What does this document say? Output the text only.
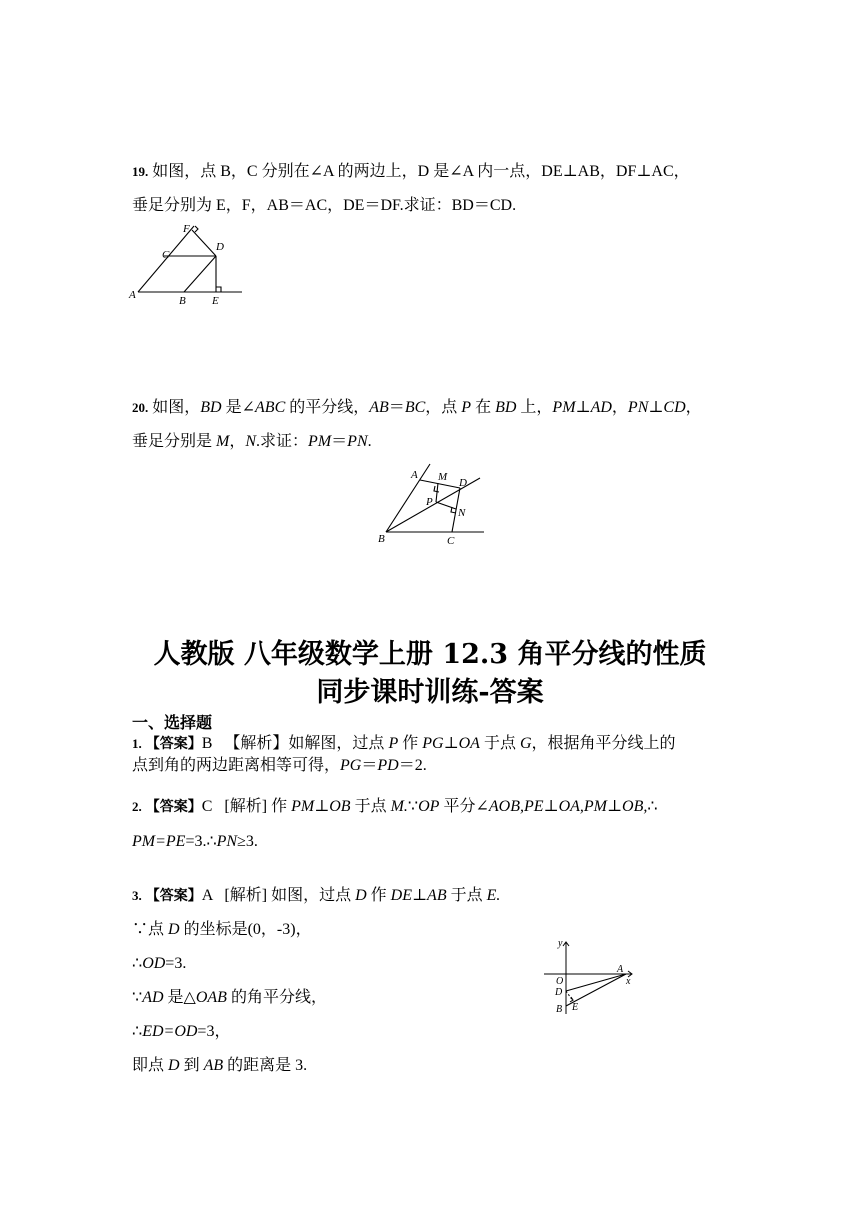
19. 如图，点 B，C 分别在∠A 的两边上，D 是∠A 内一点，DE⊥AB，DF⊥AC，
垂足分别为 E，F，AB＝AC，DE＝DF.求证：BD＝CD.
A	B E
C
D
F
20. 如图，BD 是∠ABC 的平分线，AB＝BC，点 P 在 BD 上，PM⊥AD，PN⊥CD，
垂足分别是 M，N.求证：PM＝PN.
A M D
P
N
B	C
人教版 八年级数学上册 12.3 角平分线的性质
同步课时训练-答案
一、选择题
1. 【答案】B 【解析】如解图，过点 P 作 PG⊥OA 于点 G，根据角平分线上的
点到角的两边距离相等可得，PG＝PD＝2.
2. 【答案】C [解析] 作 PM⊥OB 于点 M.∵OP 平分∠AOB,PE⊥OA,PM⊥OB,∴
PM=PE=3.∴PN≥3.
3. 【答案】A [解析] 如图，过点 D 作 DE⊥AB 于点 E.
∵点 D 的坐标是(0，-3)，
∴OD=3.
∵AD 是△OAB 的角平分线，
∴ED=OD=3，
即点 D 到 AB 的距离是 3.
y
x
O
D
A
B E
